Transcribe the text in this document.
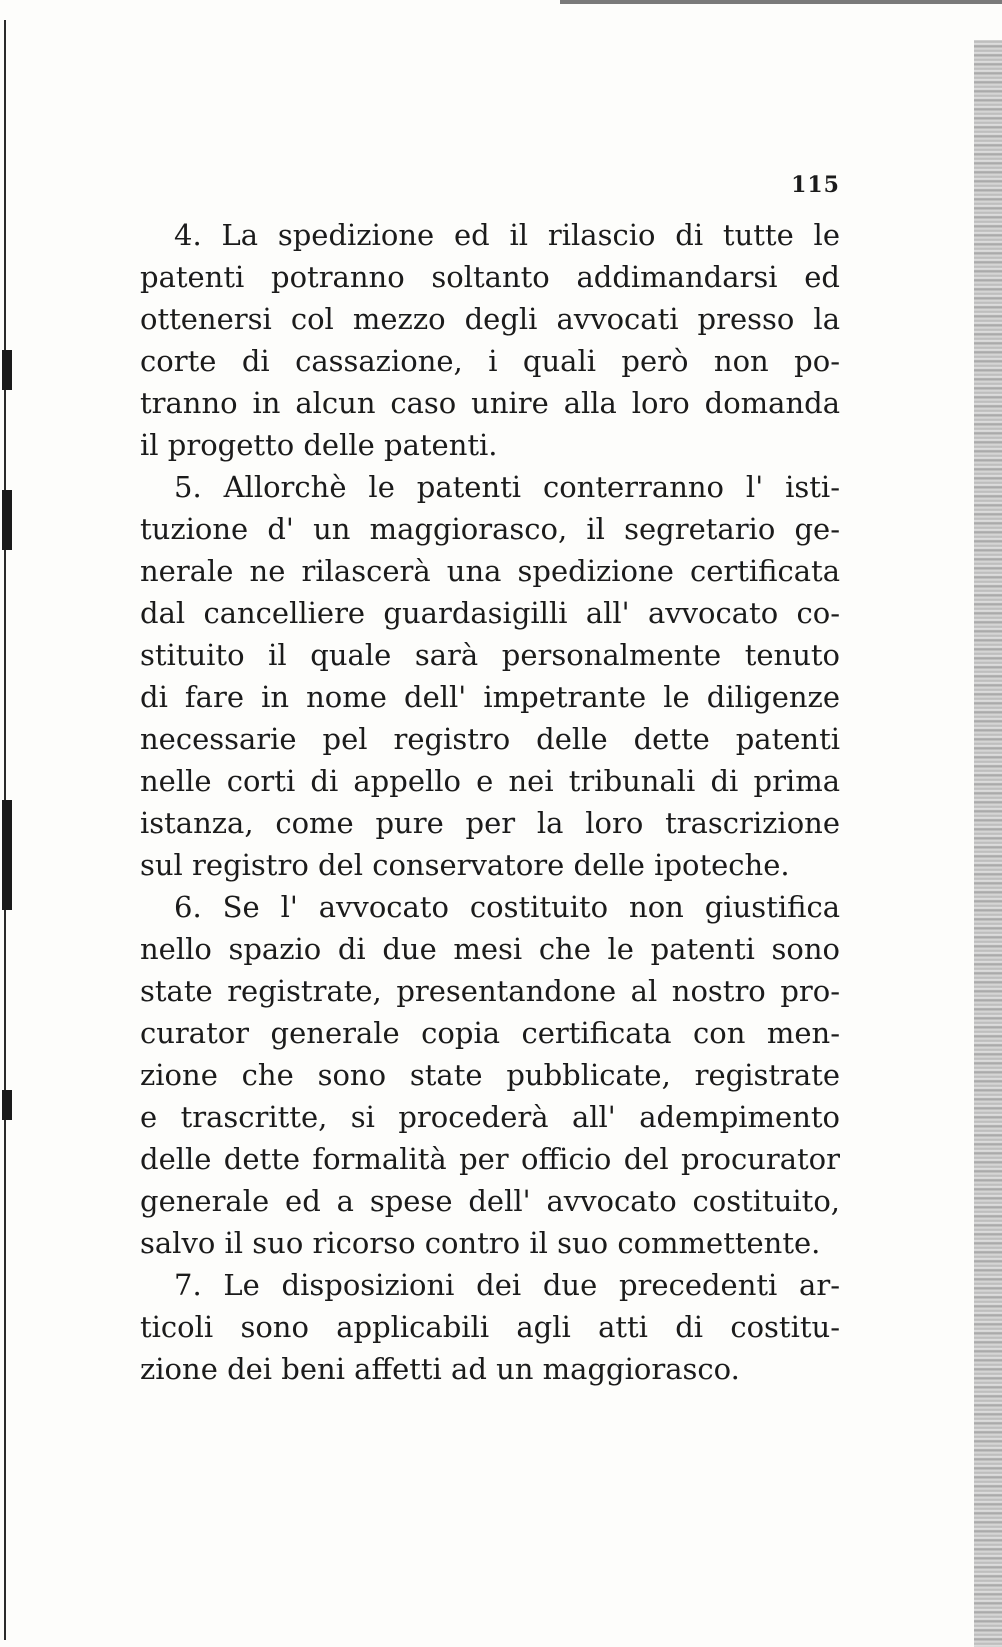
115
4. La spedizione ed il rilascio di tutte le
patenti potranno soltanto addimandarsi ed
ottenersi col mezzo degli avvocati presso la
corte di cassazione, i quali però non po-
tranno in alcun caso unire alla loro domanda
il progetto delle patenti.
5. Allorchè le patenti conterranno l' isti-
tuzione d' un maggiorasco, il segretario ge-
nerale ne rilascerà una spedizione certificata
dal cancelliere guardasigilli all' avvocato co-
stituito il quale sarà personalmente tenuto
di fare in nome dell' impetrante le diligenze
necessarie pel registro delle dette patenti
nelle corti di appello e nei tribunali di prima
istanza, come pure per la loro trascrizione
sul registro del conservatore delle ipoteche.
6. Se l' avvocato costituito non giustifica
nello spazio di due mesi che le patenti sono
state registrate, presentandone al nostro pro-
curator generale copia certificata con men-
zione che sono state pubblicate, registrate
e trascritte, si procederà all' adempimento
delle dette formalità per officio del procurator
generale ed a spese dell' avvocato costituito,
salvo il suo ricorso contro il suo commettente.
7. Le disposizioni dei due precedenti ar-
ticoli sono applicabili agli atti di costitu-
zione dei beni affetti ad un maggiorasco.
